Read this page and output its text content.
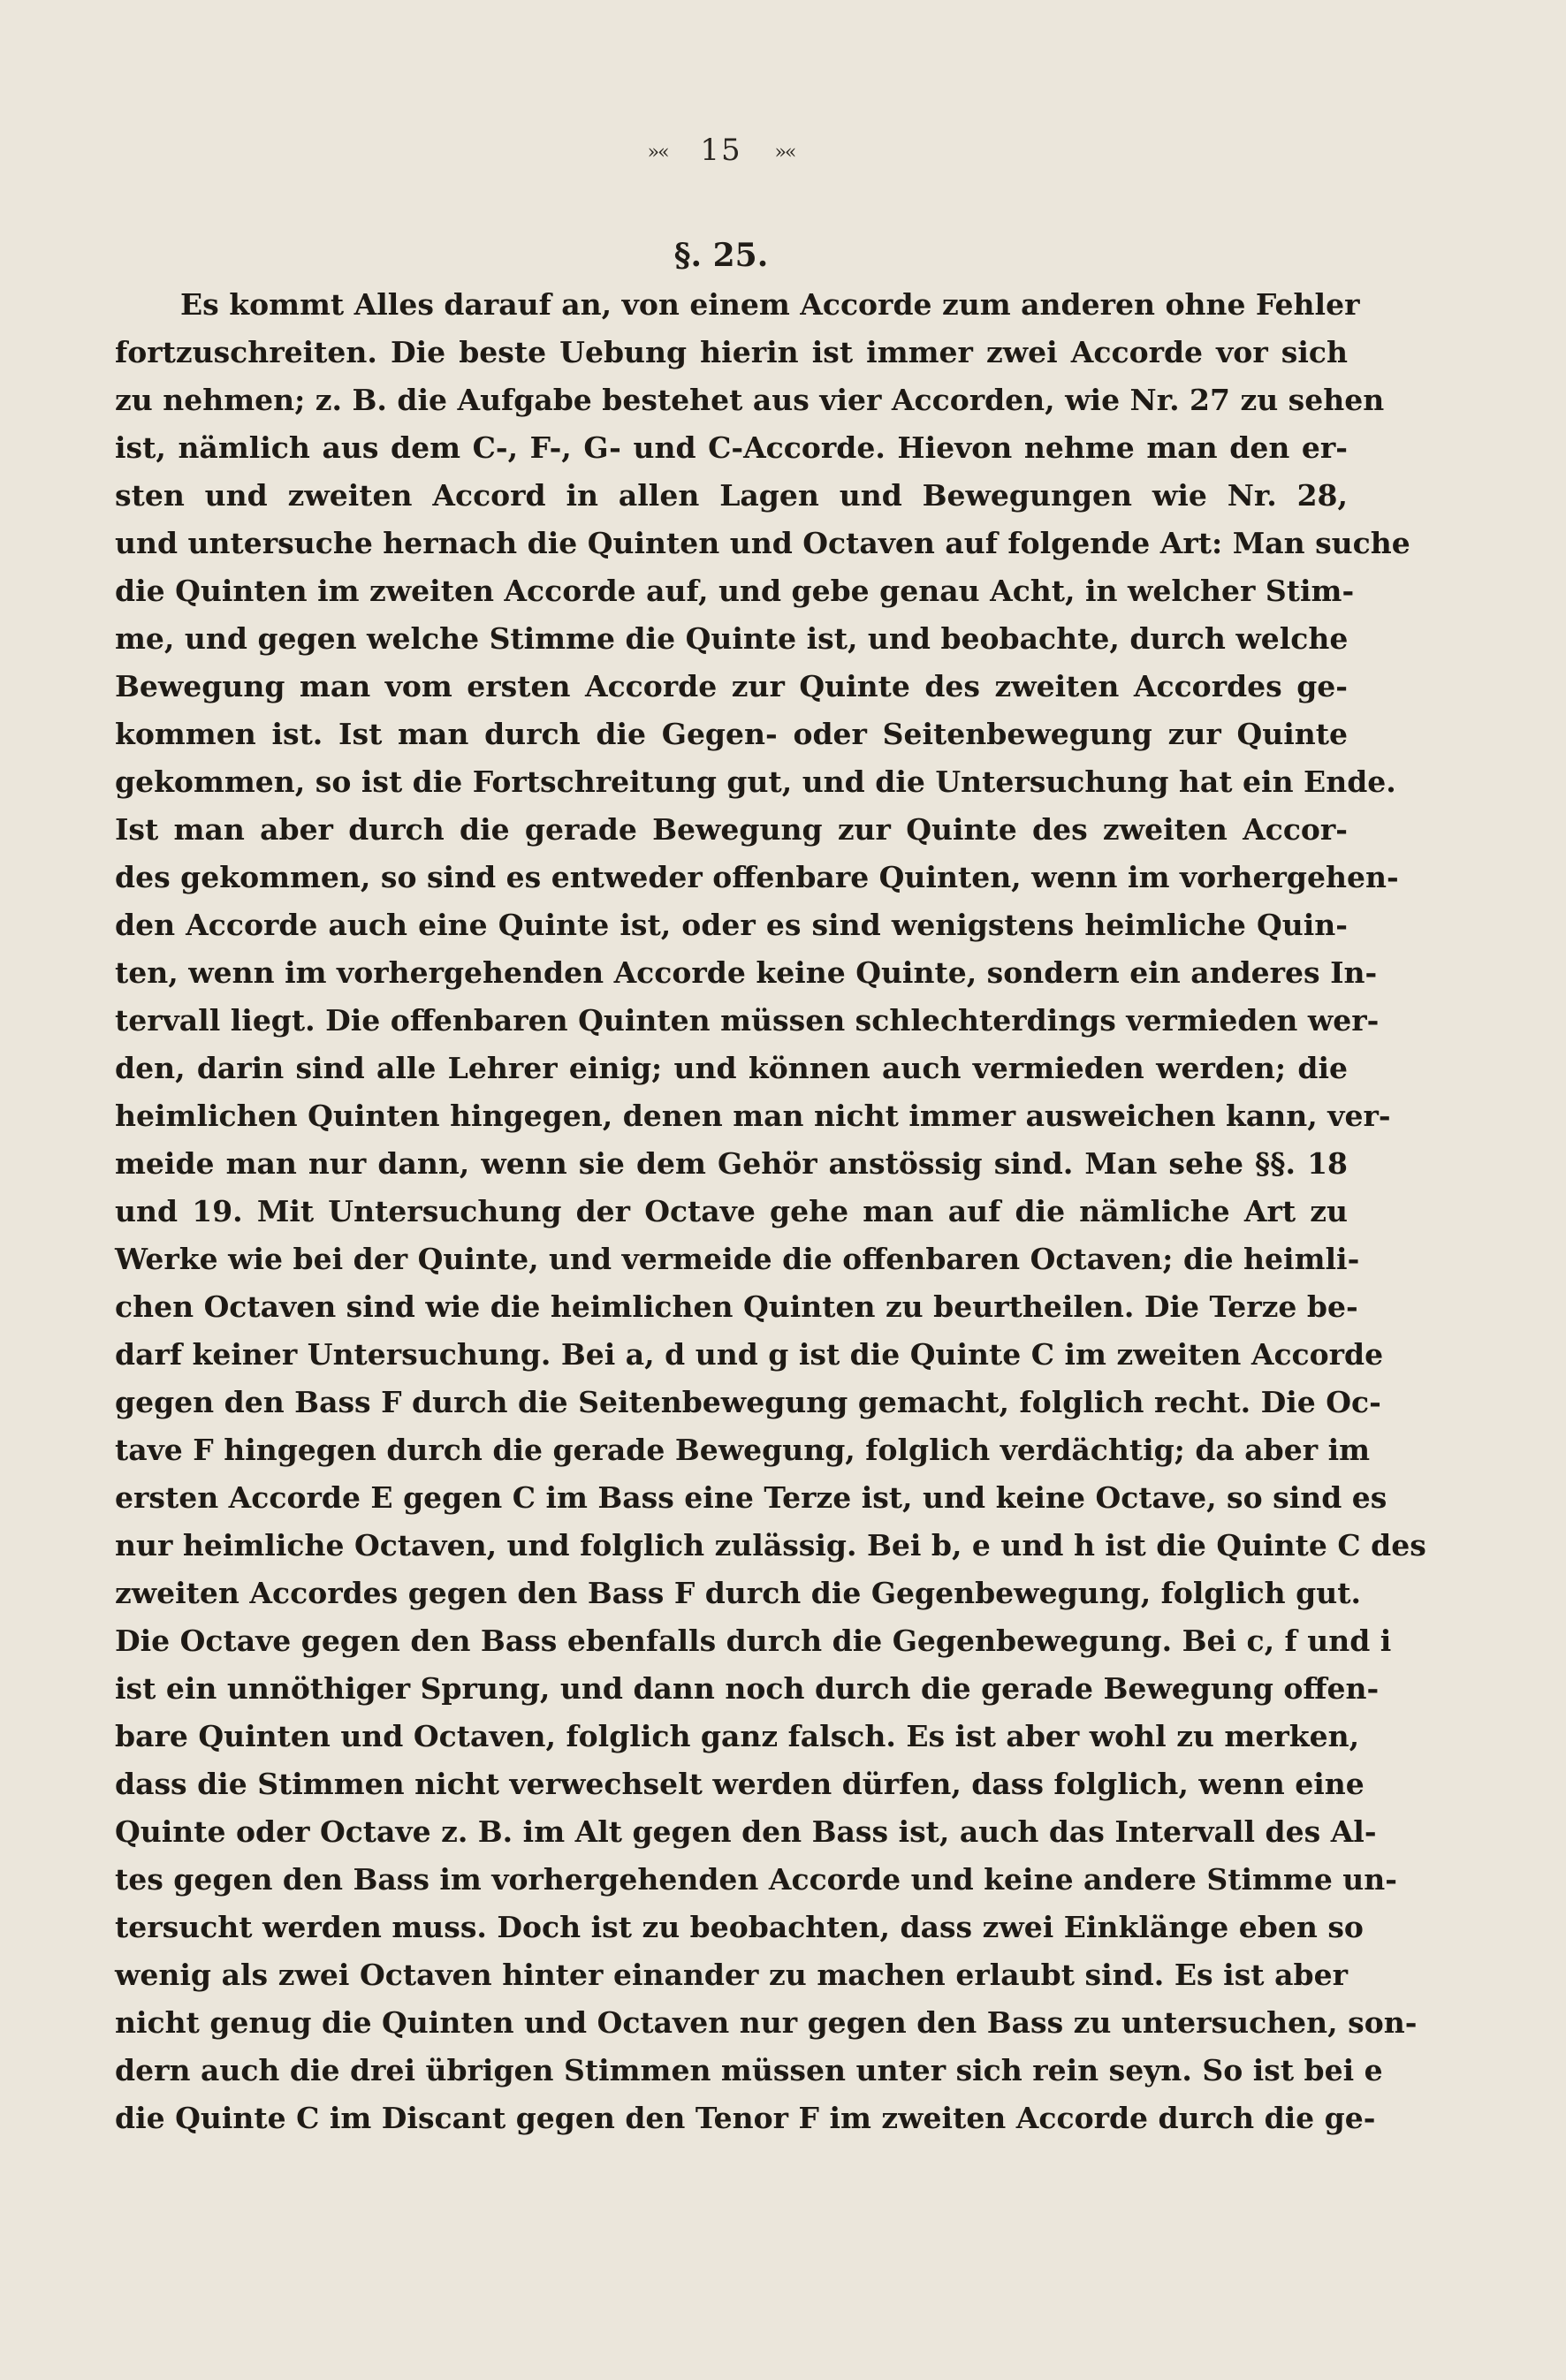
»« 15 »«
§. 25.
Es kommt Alles darauf an, von einem Accorde zum anderen ohne Fehler
fortzuschreiten. Die beste Uebung hierin ist immer zwei Accorde vor sich
zu nehmen; z. B. die Aufgabe bestehet aus vier Accorden, wie Nr. 27 zu sehen
ist, nämlich aus dem C-, F-, G- und C-Accorde. Hievon nehme man den er-
sten und zweiten Accord in allen Lagen und Bewegungen wie Nr. 28,
und untersuche hernach die Quinten und Octaven auf folgende Art: Man suche
die Quinten im zweiten Accorde auf, und gebe genau Acht, in welcher Stim-
me, und gegen welche Stimme die Quinte ist, und beobachte, durch welche
Bewegung man vom ersten Accorde zur Quinte des zweiten Accordes ge-
kommen ist. Ist man durch die Gegen- oder Seitenbewegung zur Quinte
gekommen, so ist die Fortschreitung gut, und die Untersuchung hat ein Ende.
Ist man aber durch die gerade Bewegung zur Quinte des zweiten Accor-
des gekommen, so sind es entweder offenbare Quinten, wenn im vorhergehen-
den Accorde auch eine Quinte ist, oder es sind wenigstens heimliche Quin-
ten, wenn im vorhergehenden Accorde keine Quinte, sondern ein anderes In-
tervall liegt. Die offenbaren Quinten müssen schlechterdings vermieden wer-
den, darin sind alle Lehrer einig; und können auch vermieden werden; die
heimlichen Quinten hingegen, denen man nicht immer ausweichen kann, ver-
meide man nur dann, wenn sie dem Gehör anstössig sind. Man sehe §§. 18
und 19. Mit Untersuchung der Octave gehe man auf die nämliche Art zu
Werke wie bei der Quinte, und vermeide die offenbaren Octaven; die heimli-
chen Octaven sind wie die heimlichen Quinten zu beurtheilen. Die Terze be-
darf keiner Untersuchung. Bei a, d und g ist die Quinte C im zweiten Accorde
gegen den Bass F durch die Seitenbewegung gemacht, folglich recht. Die Oc-
tave F hingegen durch die gerade Bewegung, folglich verdächtig; da aber im
ersten Accorde E gegen C im Bass eine Terze ist, und keine Octave, so sind es
nur heimliche Octaven, und folglich zulässig. Bei b, e und h ist die Quinte C des
zweiten Accordes gegen den Bass F durch die Gegenbewegung, folglich gut.
Die Octave gegen den Bass ebenfalls durch die Gegenbewegung. Bei c, f und i
ist ein unnöthiger Sprung, und dann noch durch die gerade Bewegung offen-
bare Quinten und Octaven, folglich ganz falsch. Es ist aber wohl zu merken,
dass die Stimmen nicht verwechselt werden dürfen, dass folglich, wenn eine
Quinte oder Octave z. B. im Alt gegen den Bass ist, auch das Intervall des Al-
tes gegen den Bass im vorhergehenden Accorde und keine andere Stimme un-
tersucht werden muss. Doch ist zu beobachten, dass zwei Einklänge eben so
wenig als zwei Octaven hinter einander zu machen erlaubt sind. Es ist aber
nicht genug die Quinten und Octaven nur gegen den Bass zu untersuchen, son-
dern auch die drei übrigen Stimmen müssen unter sich rein seyn. So ist bei e
die Quinte C im Discant gegen den Tenor F im zweiten Accorde durch die ge-
